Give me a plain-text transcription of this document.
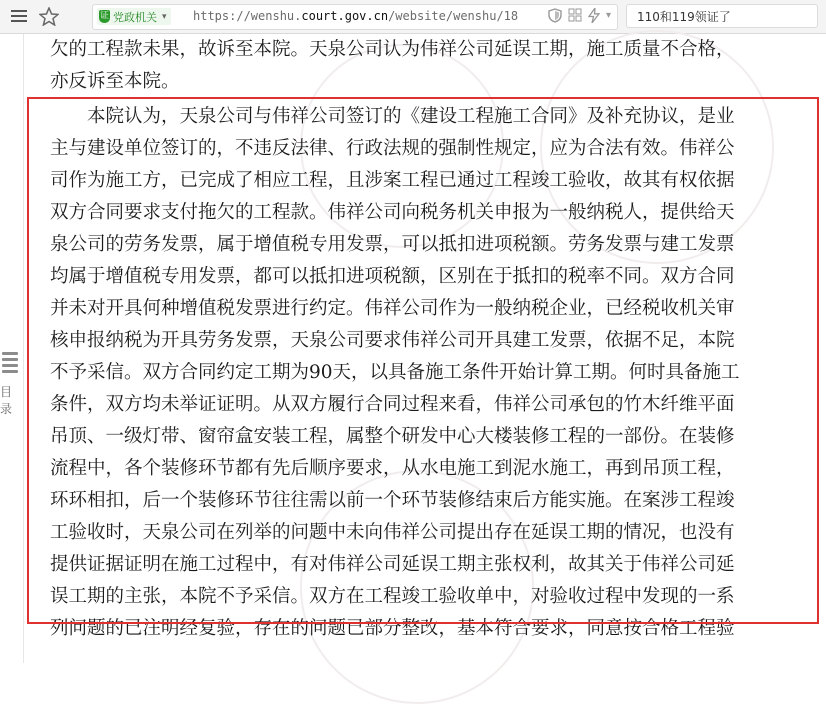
证 党政机关 ▾ https://wenshu.court.gov.cn/website/wenshu/18	▾	110和119领证了
目录
欠的工程款未果，故诉至本院。天泉公司认为伟祥公司延误工期，施工质量不合格，
亦反诉至本院。
　　本院认为，天泉公司与伟祥公司签订的《建设工程施工合同》及补充协议，是业
主与建设单位签订的，不违反法律、行政法规的强制性规定，应为合法有效。伟祥公
司作为施工方，已完成了相应工程，且涉案工程已通过工程竣工验收，故其有权依据
双方合同要求支付拖欠的工程款。伟祥公司向税务机关申报为一般纳税人，提供给天
泉公司的劳务发票，属于增值税专用发票，可以抵扣进项税额。劳务发票与建工发票
均属于增值税专用发票，都可以抵扣进项税额，区别在于抵扣的税率不同。双方合同
并未对开具何种增值税发票进行约定。伟祥公司作为一般纳税企业，已经税收机关审
核申报纳税为开具劳务发票，天泉公司要求伟祥公司开具建工发票，依据不足，本院
不予采信。双方合同约定工期为90天，以具备施工条件开始计算工期。何时具备施工
条件，双方均未举证证明。从双方履行合同过程来看，伟祥公司承包的竹木纤维平面
吊顶、一级灯带、窗帘盒安装工程，属整个研发中心大楼装修工程的一部份。在装修
流程中，各个装修环节都有先后顺序要求，从水电施工到泥水施工，再到吊顶工程，
环环相扣，后一个装修环节往往需以前一个环节装修结束后方能实施。在案涉工程竣
工验收时，天泉公司在列举的问题中未向伟祥公司提出存在延误工期的情况，也没有
提供证据证明在施工过程中，有对伟祥公司延误工期主张权利，故其关于伟祥公司延
误工期的主张，本院不予采信。双方在工程竣工验收单中，对验收过程中发现的一系
列问题的已注明经复验，存在的问题已部分整改，基本符合要求，同意按合格工程验
